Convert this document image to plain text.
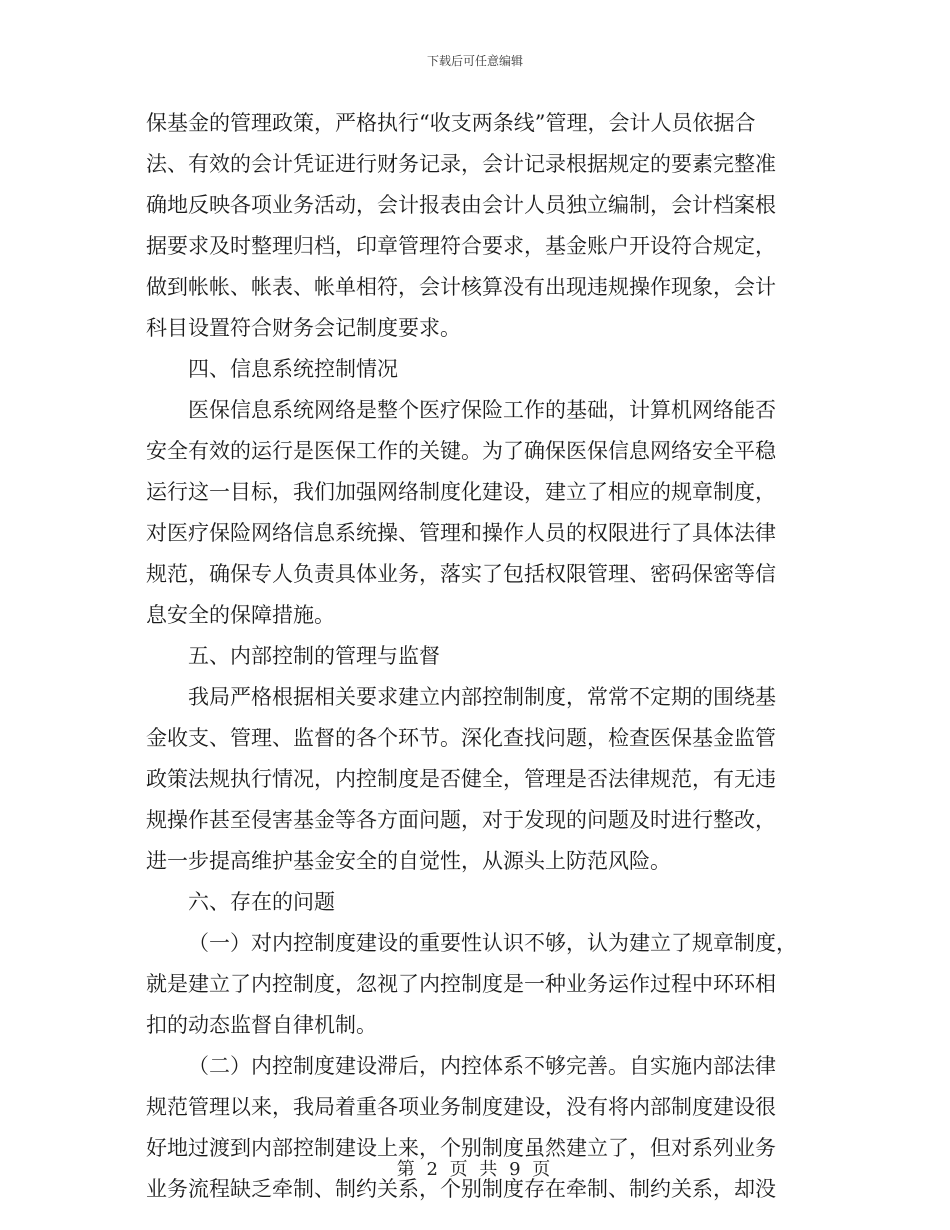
下载后可任意编辑
保基金的管理政策，严格执行“收支两条线”管理，会计人员依据合
法、有效的会计凭证进行财务记录，会计记录根据规定的要素完整准
确地反映各项业务活动，会计报表由会计人员独立编制，会计档案根
据要求及时整理归档，印章管理符合要求，基金账户开设符合规定，
做到帐帐、帐表、帐单相符，会计核算没有出现违规操作现象，会计
科目设置符合财务会记制度要求。
四、信息系统控制情况
医保信息系统网络是整个医疗保险工作的基础，计算机网络能否
安全有效的运行是医保工作的关键。为了确保医保信息网络安全平稳
运行这一目标，我们加强网络制度化建设，建立了相应的规章制度，
对医疗保险网络信息系统操、管理和操作人员的权限进行了具体法律
规范，确保专人负责具体业务，落实了包括权限管理、密码保密等信
息安全的保障措施。
五、内部控制的管理与监督
我局严格根据相关要求建立内部控制制度，常常不定期的围绕基
金收支、管理、监督的各个环节。深化查找问题，检查医保基金监管
政策法规执行情况，内控制度是否健全，管理是否法律规范，有无违
规操作甚至侵害基金等各方面问题，对于发现的问题及时进行整改，
进一步提高维护基金安全的自觉性，从源头上防范风险。
六、存在的问题
（一）对内控制度建设的重要性认识不够，认为建立了规章制度，
就是建立了内控制度，忽视了内控制度是一种业务运作过程中环环相
扣的动态监督自律机制。
（二）内控制度建设滞后，内控体系不够完善。自实施内部法律
规范管理以来，我局着重各项业务制度建设，没有将内部制度建设很
好地过渡到内部控制建设上来，个别制度虽然建立了，但对系列业务
业务流程缺乏牵制、制约关系，个别制度存在牵制、制约关系，却没
第 2 页 共 9 页
